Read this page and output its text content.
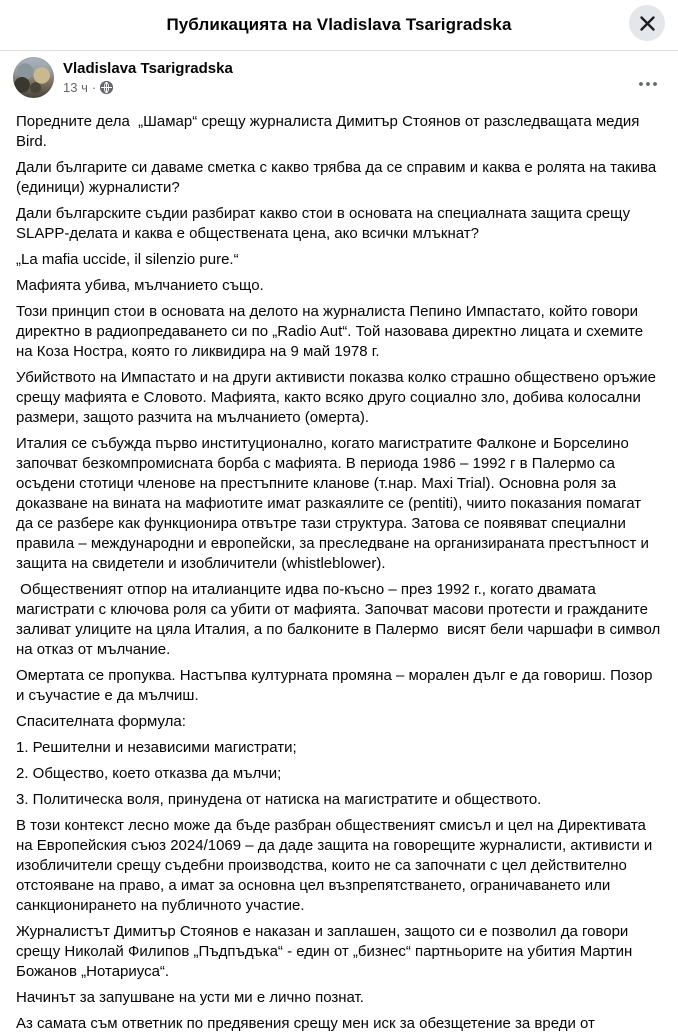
Публикацията на Vladislava Tsarigradska
Vladislava Tsarigradska
13 ч ·

Поредните дела  „Шамар“ срещу журналиста Димитър Стоянов от разследващата медия Bird.

Дали българите си даваме сметка с какво трябва да се справим и каква е ролята на такива (единици) журналисти?

Дали българските съдии разбират какво стои в основата на специалната защита срещу SLAPP-делата и каква е обществената цена, ако всички млъкнат?

„La mafia uccide, il silenzio pure.“

Мафията убива, мълчанието също.

Този принцип стои в основата на делото на журналиста Пепино Импастато, който говори директно в радиопредаването си по „Radio Aut“. Той назовава директно лицата и схемите на Коза Ностра, която го ликвидира на 9 май 1978 г.

Убийството на Импастато и на други активисти показва колко страшно обществено оръжие срещу мафията е Словото. Мафията, както всяко друго социално зло, добива колосални размери, защото разчита на мълчанието (омерта).

Италия се събужда първо институционално, когато магистратите Фалконе и Борселино започват безкомпромисната борба с мафията. В периода 1986 – 1992 г в Палермо са осъдени стотици членове на престъпните кланове (т.нар. Maxi Trial). Основна роля за доказване на вината на мафиотите имат разкаялите се (pentiti), чиито показания помагат да се разбере как функционира отвътре тази структура. Затова се появяват специални правила – международни и европейски, за преследване на организираната престъпност и защита на свидетели и изобличители (whistleblower).

Общественият отпор на италианците идва по-късно – през 1992 г., когато двамата магистрати с ключова роля са убити от мафията. Започват масови протести и гражданите заливат улиците на цяла Италия, а по балконите в Палермо  висят бели чаршафи в символ на отказ от мълчание.

Омертата се пропуква. Настъпва културната промяна – морален дълг е да говориш. Позор и съучастие е да мълчиш.

Спасителната формула:

1. Решителни и независими магистрати;

2. Общество, което отказва да мълчи;

3. Политическа воля, принудена от натиска на магистратите и обществото.

В този контекст лесно може да бъде разбран общественият смисъл и цел на Директивата на Европейския съюз 2024/1069 – да даде защита на говорещите журналисти, активисти и изобличители срещу съдебни производства, които не са започнати с цел действително отстояване на право, а имат за основна цел възпрепятстването, ограничаването или санкционирането на публичното участие.

Журналистът Димитър Стоянов е наказан и заплашен, защото си е позволил да говори срещу Николай Филипов „Пъдпъдъка“ - един от „бизнес“ партньорите на убития Мартин Божанов „Нотариуса“.

Начинът за запушване на усти ми е лично познат.

Аз самата съм ответник по предявения срещу мен иск за обезщетение за вреди от
